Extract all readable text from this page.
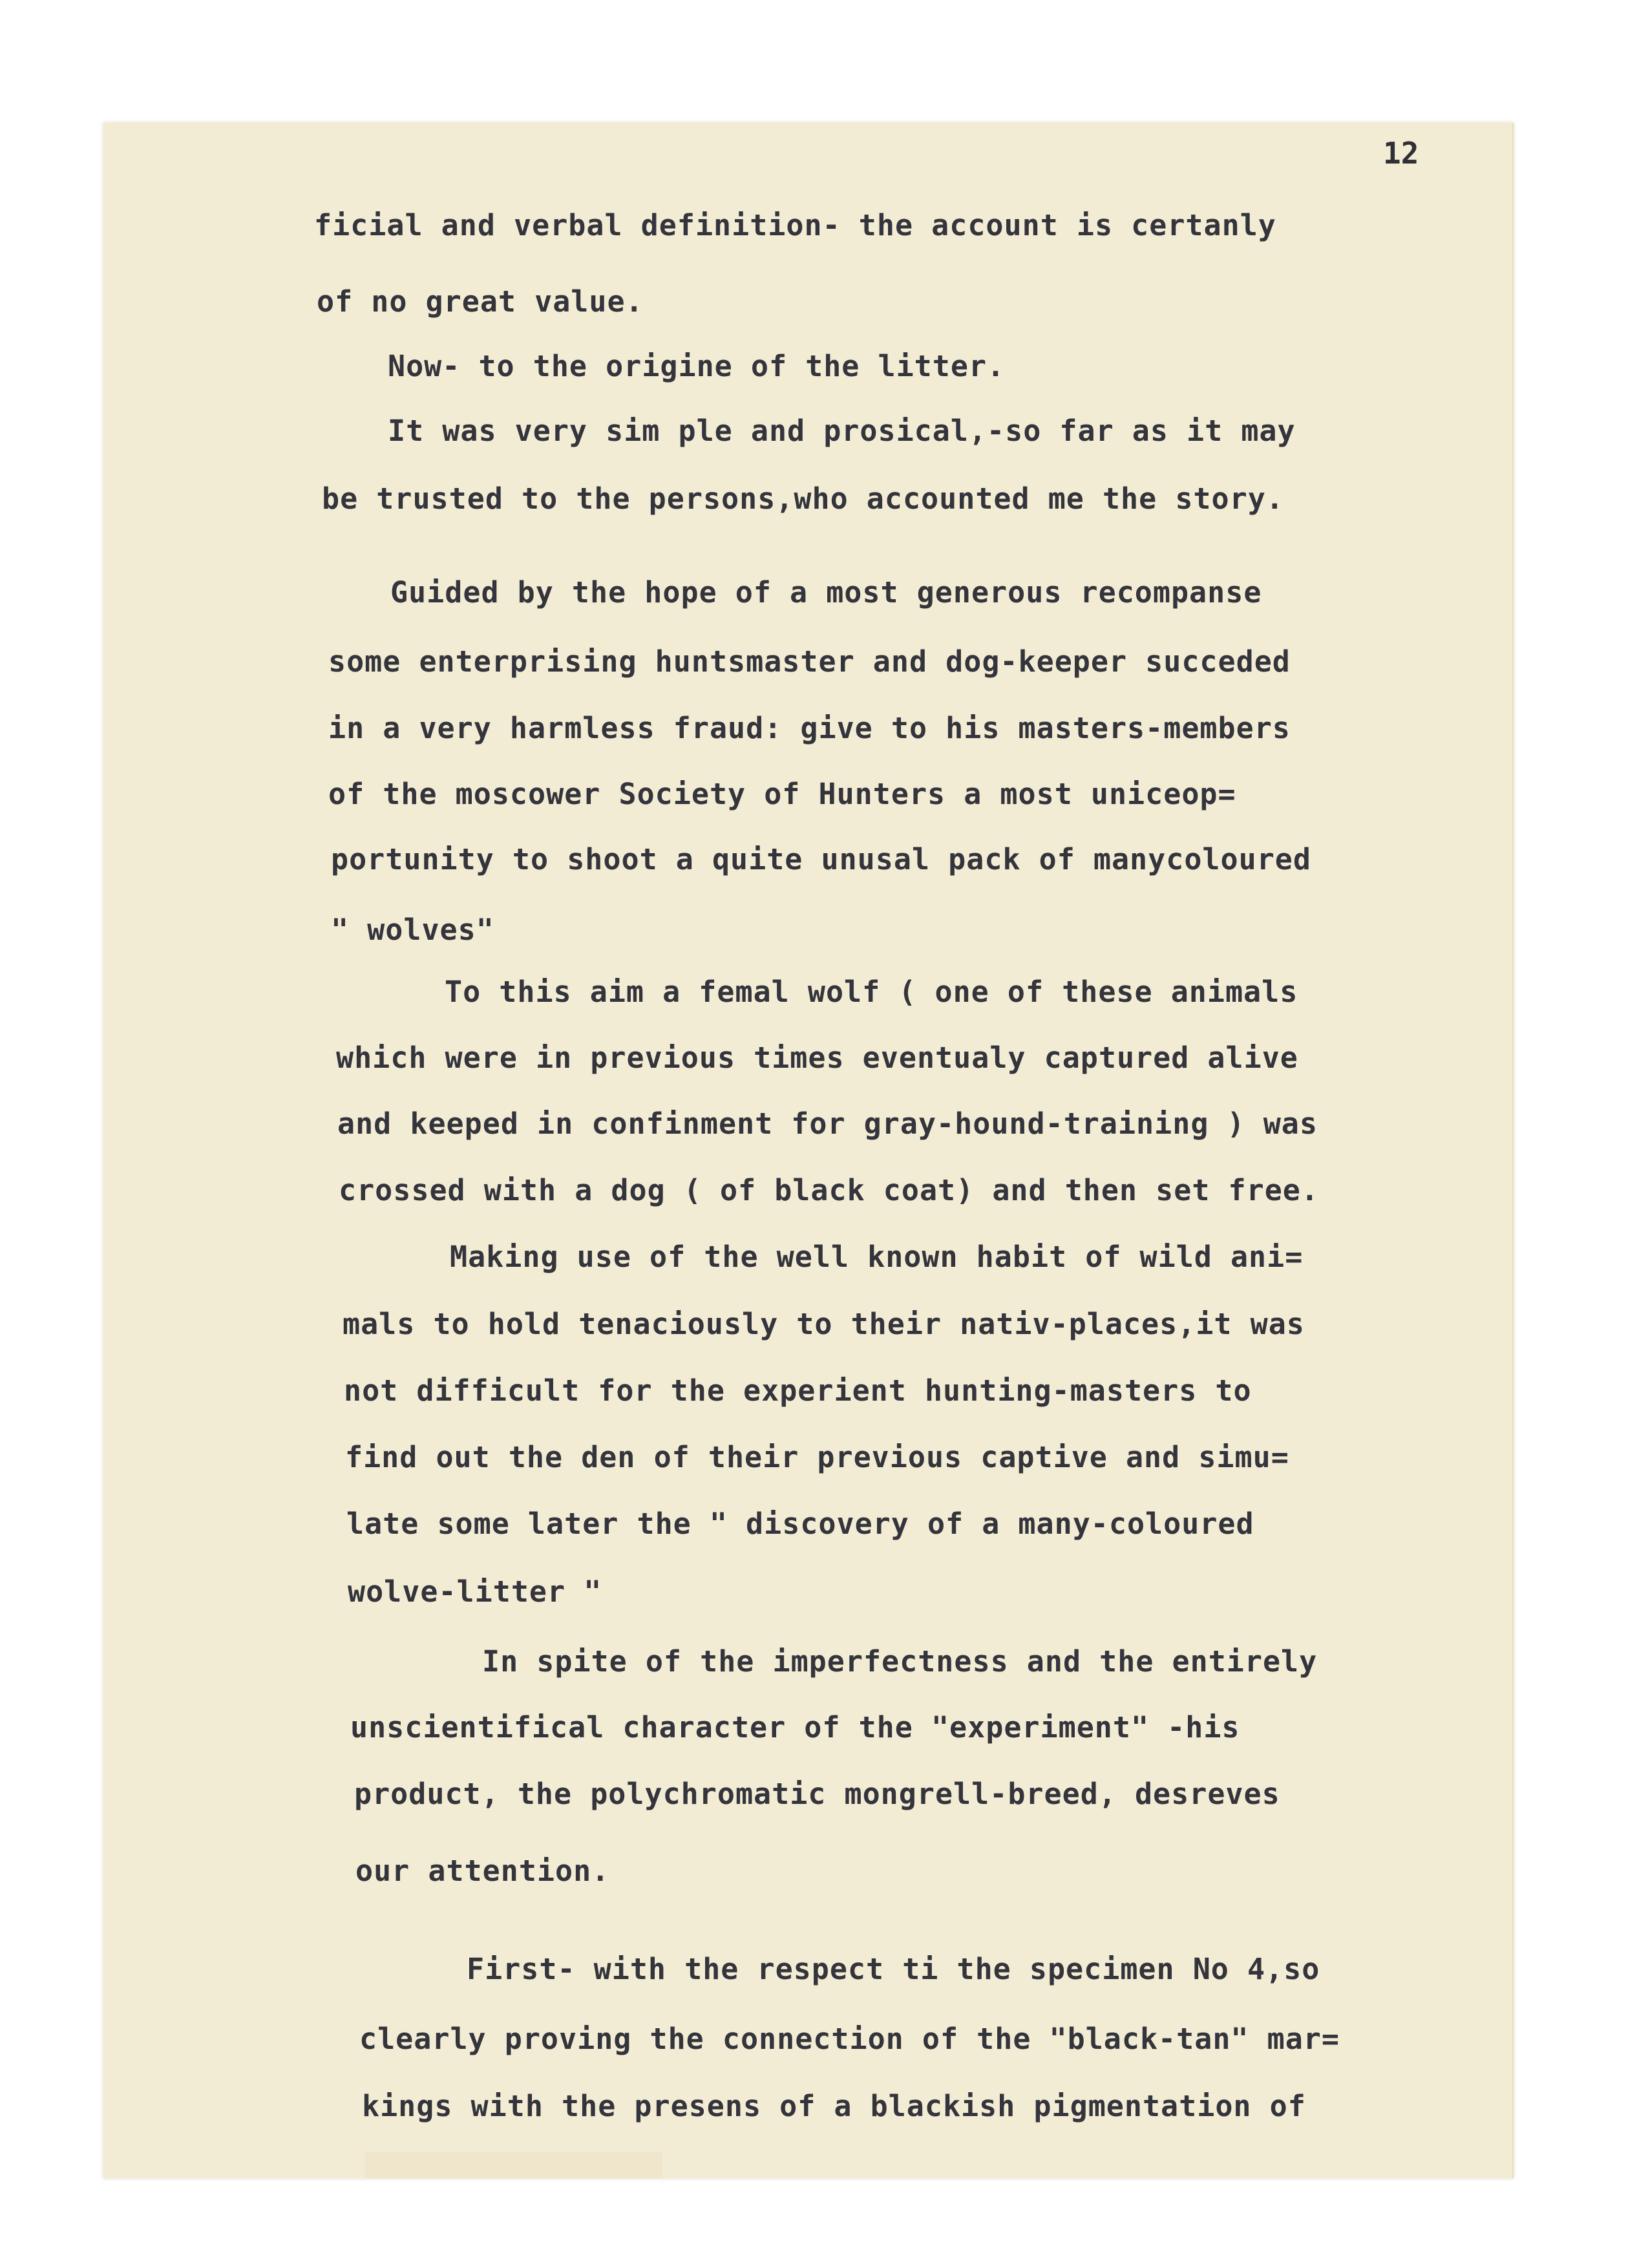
12
ficial and verbal definition- the account is certanly
of no great value.
Now- to the origine of the litter.
It was very sim ple and prosical,-so far as it may
be trusted to the persons,who accounted me the story.
Guided by the hope of a most generous recompanse
some enterprising huntsmaster and dog-keeper succeded
in a very harmless fraud: give to his masters-members
of the moscower Society of Hunters a most uniceop=
portunity to shoot a quite unusal pack of manycoloured
" wolves"
To this aim a femal wolf ( one of these animals
which were in previous times eventualy captured alive
and keeped in confinment for gray-hound-training ) was
crossed with a dog ( of black coat) and then set free.
Making use of the well known habit of wild ani=
mals to hold tenaciously to their nativ-places,it was
not difficult for the experient hunting-masters to
find out the den of their previous captive and simu=
late some later the " discovery of a many-coloured
wolve-litter "
In spite of the imperfectness and the entirely
unscientifical character of the "experiment" -his
product, the polychromatic mongrell-breed, desreves
our attention.
First- with the respect ti the specimen No 4,so
clearly proving the connection of the "black-tan" mar=
kings with the presens of a blackish pigmentation of
